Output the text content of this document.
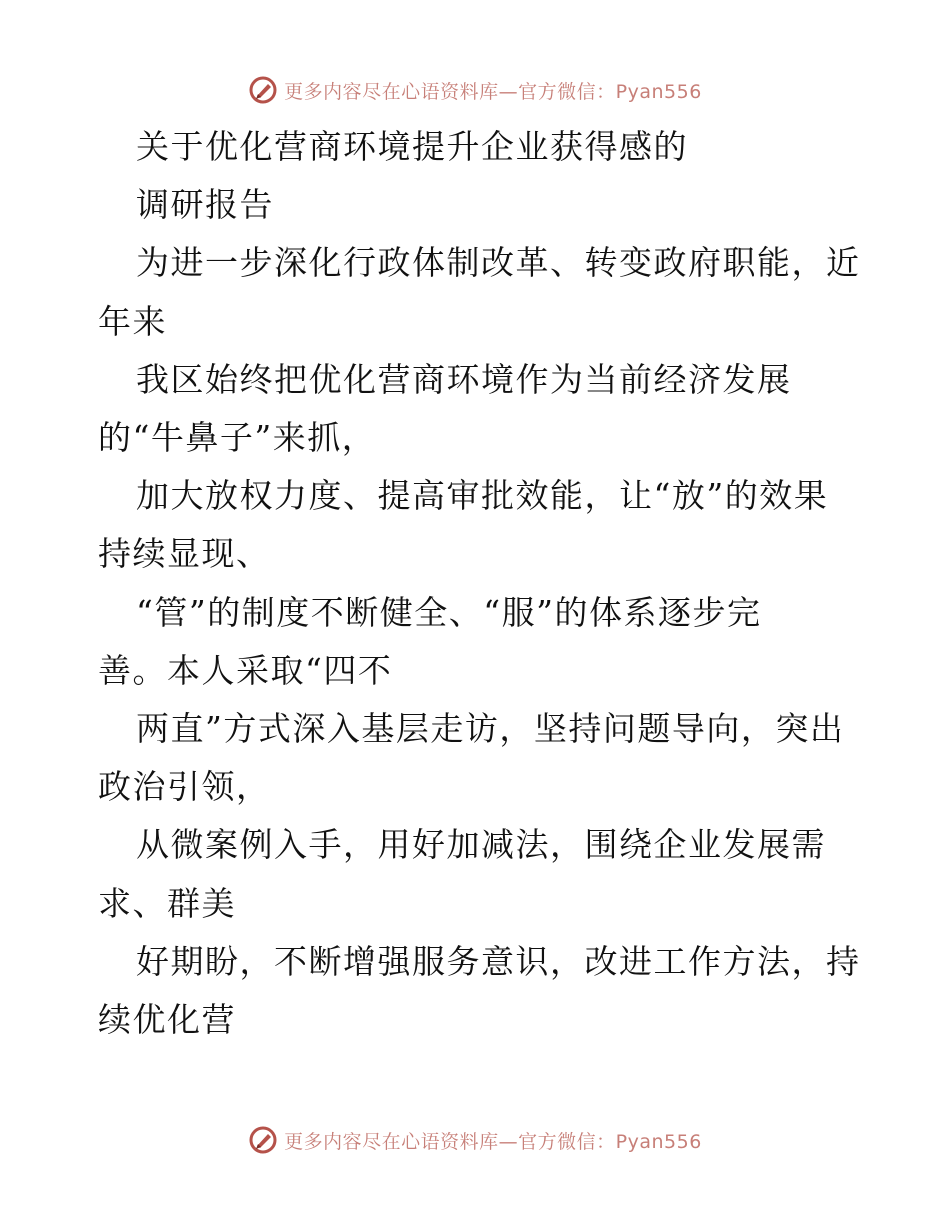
更多内容尽在心语资料库—官方微信：Pyan556
关于优化营商环境提升企业获得感的
调研报告
为进一步深化行政体制改革、转变政府职能，近
年来
我区始终把优化营商环境作为当前经济发展
的“牛鼻子”来抓，
加大放权力度、提高审批效能，让“放”的效果
持续显现、
“管”的制度不断健全、“服”的体系逐步完
善。本人采取“四不
两直”方式深入基层走访，坚持问题导向，突出
政治引领，
从微案例入手，用好加减法，围绕企业发展需
求、群美
好期盼，不断增强服务意识，改进工作方法，持
续优化营
更多内容尽在心语资料库—官方微信：Pyan556
